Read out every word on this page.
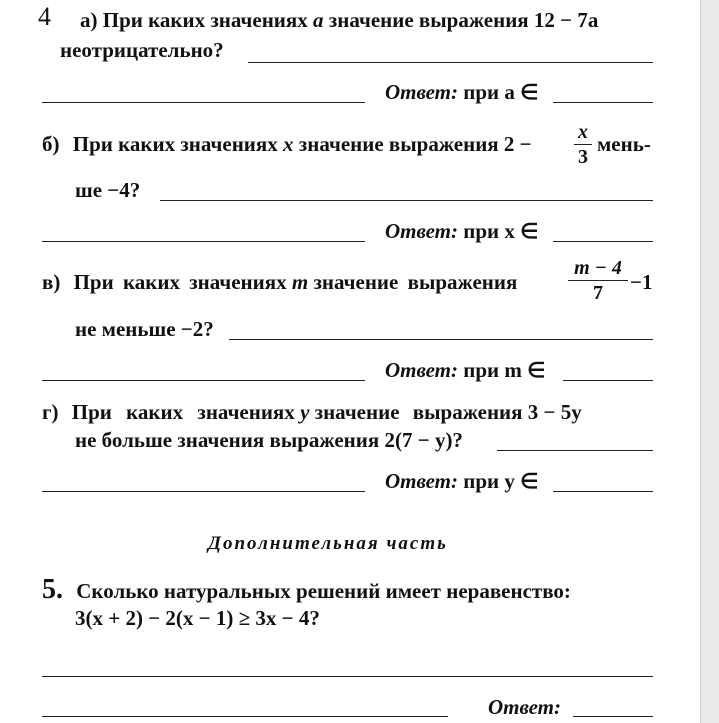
4 а) При каких значениях a значение выражения 12 − 7a
неотрицательно?
Ответ: при a ∈
б) При каких значениях x значение выражения 2 − x
3
мень-
ше −4?
Ответ: при x ∈
в) При каких значениях m значение выражения
m − 4
7	−1
не меньше −2?
Ответ: при m ∈
г) При каких значениях y значение выражения 3 − 5y
не больше значения выражения 2(7 − y)?
Ответ: при y ∈
Дополнительная часть
5. Сколько натуральных решений имеет неравенство:
3(x + 2) − 2(x − 1) ≥ 3x − 4?
Ответ:
